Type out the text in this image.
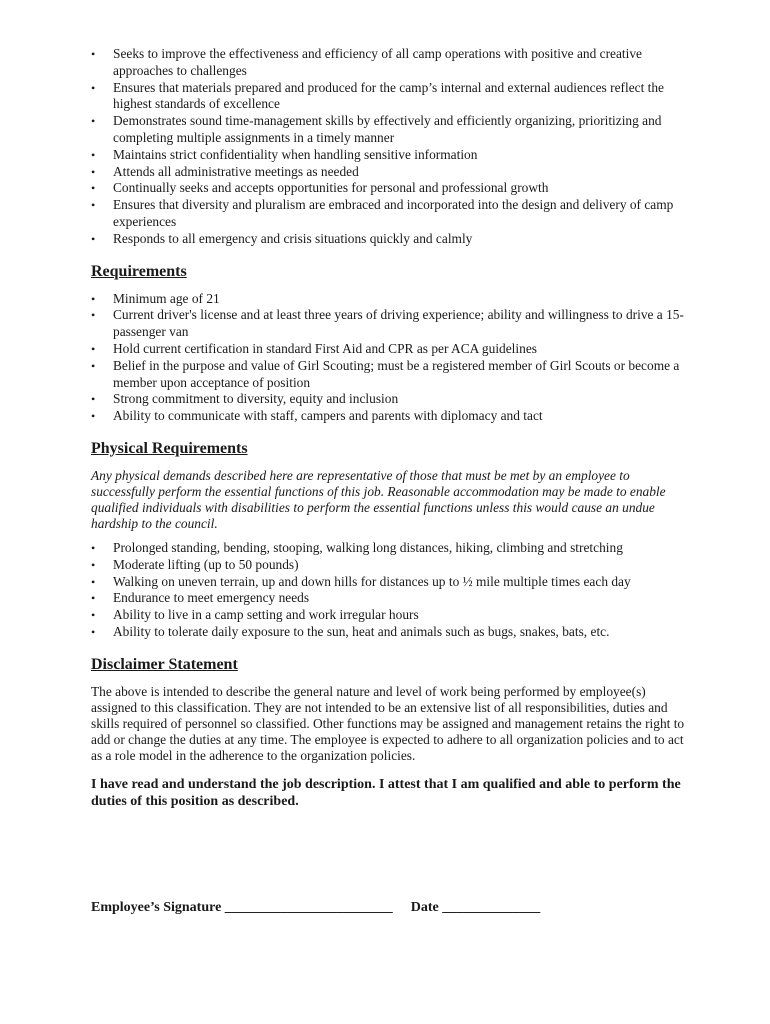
•	Seeks to improve the effectiveness and efficiency of all camp operations with positive and creative approaches to challenges
•	Ensures that materials prepared and produced for the camp’s internal and external audiences reflect the highest standards of excellence
•	Demonstrates sound time-management skills by effectively and efficiently organizing, prioritizing and completing multiple assignments in a timely manner
•	Maintains strict confidentiality when handling sensitive information
•	Attends all administrative meetings as needed
•	Continually seeks and accepts opportunities for personal and professional growth
•	Ensures that diversity and pluralism are embraced and incorporated into the design and delivery of camp experiences
•	Responds to all emergency and crisis situations quickly and calmly
Requirements
•	Minimum age of 21
•	Current driver's license and at least three years of driving experience; ability and willingness to drive a 15-passenger van
•	Hold current certification in standard First Aid and CPR as per ACA guidelines
•	Belief in the purpose and value of Girl Scouting; must be a registered member of Girl Scouts or become a member upon acceptance of position
•	Strong commitment to diversity, equity and inclusion
•	Ability to communicate with staff, campers and parents with diplomacy and tact
Physical Requirements

Any physical demands described here are representative of those that must be met by an employee to successfully perform the essential functions of this job. Reasonable accommodation may be made to enable qualified individuals with disabilities to perform the essential functions unless this would cause an undue hardship to the council.

•	Prolonged standing, bending, stooping, walking long distances, hiking, climbing and stretching
•	Moderate lifting (up to 50 pounds)
•	Walking on uneven terrain, up and down hills for distances up to ½ mile multiple times each day
•	Endurance to meet emergency needs
•	Ability to live in a camp setting and work irregular hours
•	Ability to tolerate daily exposure to the sun, heat and animals such as bugs, snakes, bats, etc.
Disclaimer Statement

The above is intended to describe the general nature and level of work being performed by employee(s) assigned to this classification. They are not intended to be an extensive list of all responsibilities, duties and skills required of personnel so classified. Other functions may be assigned and management retains the right to add or change the duties at any time. The employee is expected to adhere to all organization policies and to act as a role model in the adherence to the organization policies.

I have read and understand the job description. I attest that I am qualified and able to perform the duties of this position as described.

Employee’s Signature ________________________ Date ______________
